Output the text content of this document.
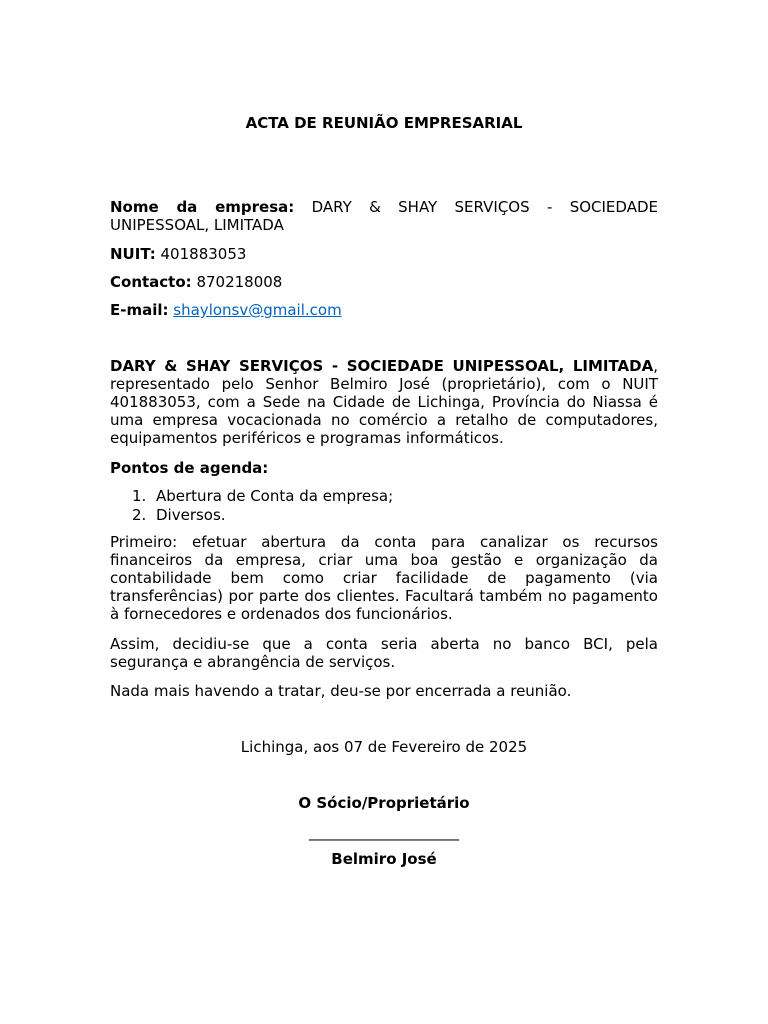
ACTA DE REUNIÃO EMPRESARIAL
Nome da empresa: DARY & SHAY SERVIÇOS - SOCIEDADE UNIPESSOAL, LIMITADA
NUIT: 401883053
Contacto: 870218008
E-mail: shaylonsv@gmail.com
DARY & SHAY SERVIÇOS - SOCIEDADE UNIPESSOAL, LIMITADA, representado pelo Senhor Belmiro José (proprietário), com o NUIT 401883053, com a Sede na Cidade de Lichinga, Província do Niassa é uma empresa vocacionada no comércio a retalho de computadores, equipamentos periféricos e programas informáticos.
Pontos de agenda:
1. Abertura de Conta da empresa;
2. Diversos.
Primeiro: efetuar abertura da conta para canalizar os recursos financeiros da empresa, criar uma boa gestão e organização da contabilidade bem como criar facilidade de pagamento (via transferências) por parte dos clientes. Facultará também no pagamento à fornecedores e ordenados dos funcionários.
Assim, decidiu-se que a conta seria aberta no banco BCI, pela segurança e abrangência de serviços.
Nada mais havendo a tratar, deu-se por encerrada a reunião.
Lichinga, aos 07 de Fevereiro de 2025
O Sócio/Proprietário
____________________
Belmiro José
